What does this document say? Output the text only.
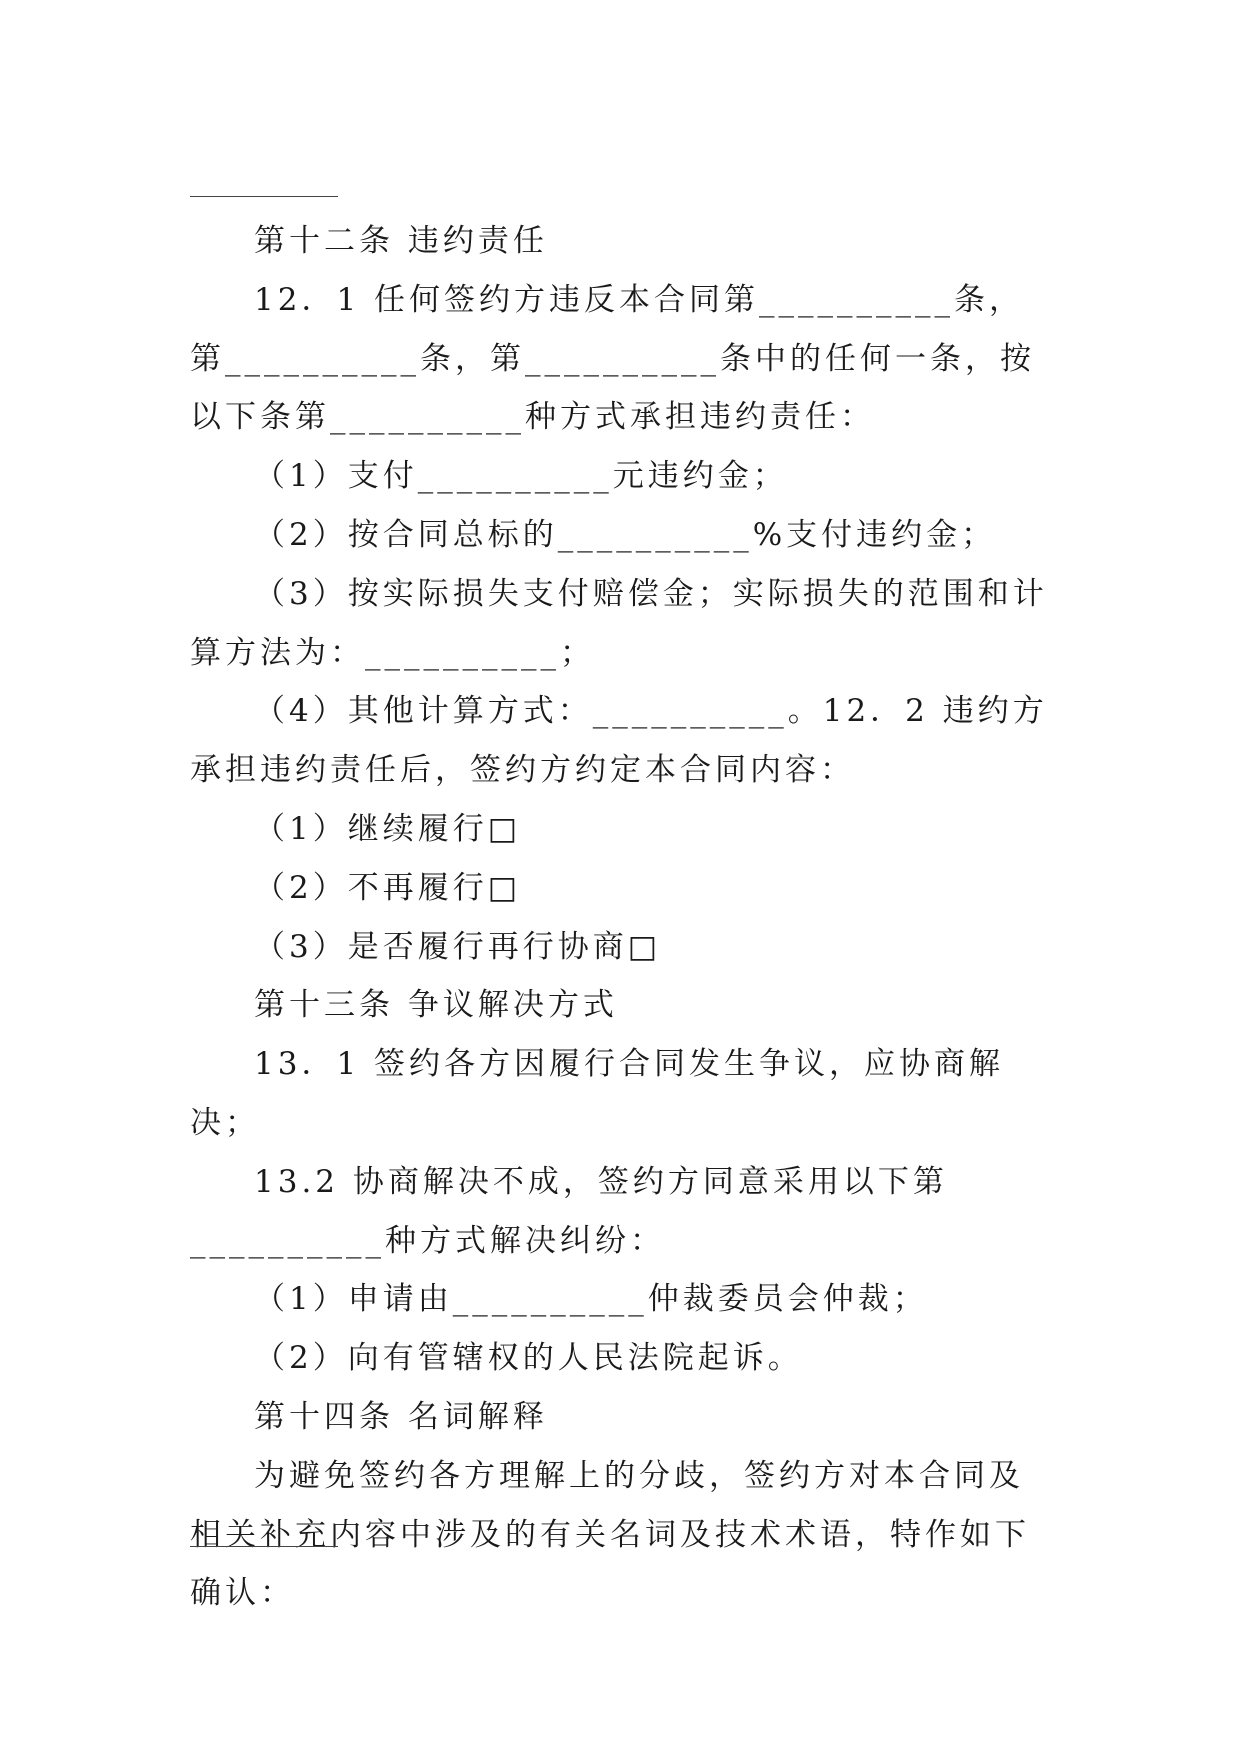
第十二条 违约责任

12．1 任何签约方违反本合同第__________条，第__________条，第__________条中的任何一条，按以下条第__________种方式承担违约责任：

（1）支付__________元违约金；

（2）按合同总标的__________%支付违约金；

（3）按实际损失支付赔偿金；实际损失的范围和计算方法为：__________；

（4）其他计算方式：__________。12．2 违约方承担违约责任后，签约方约定本合同内容：

（1）继续履行□

（2）不再履行□

（3）是否履行再行协商□

第十三条 争议解决方式

13．1 签约各方因履行合同发生争议，应协商解决；

13.2 协商解决不成，签约方同意采用以下第__________种方式解决纠纷：

（1）申请由__________仲裁委员会仲裁；

（2）向有管辖权的人民法院起诉。

第十四条 名词解释

为避免签约各方理解上的分歧，签约方对本合同及相关补充内容中涉及的有关名词及技术术语，特作如下确认：
